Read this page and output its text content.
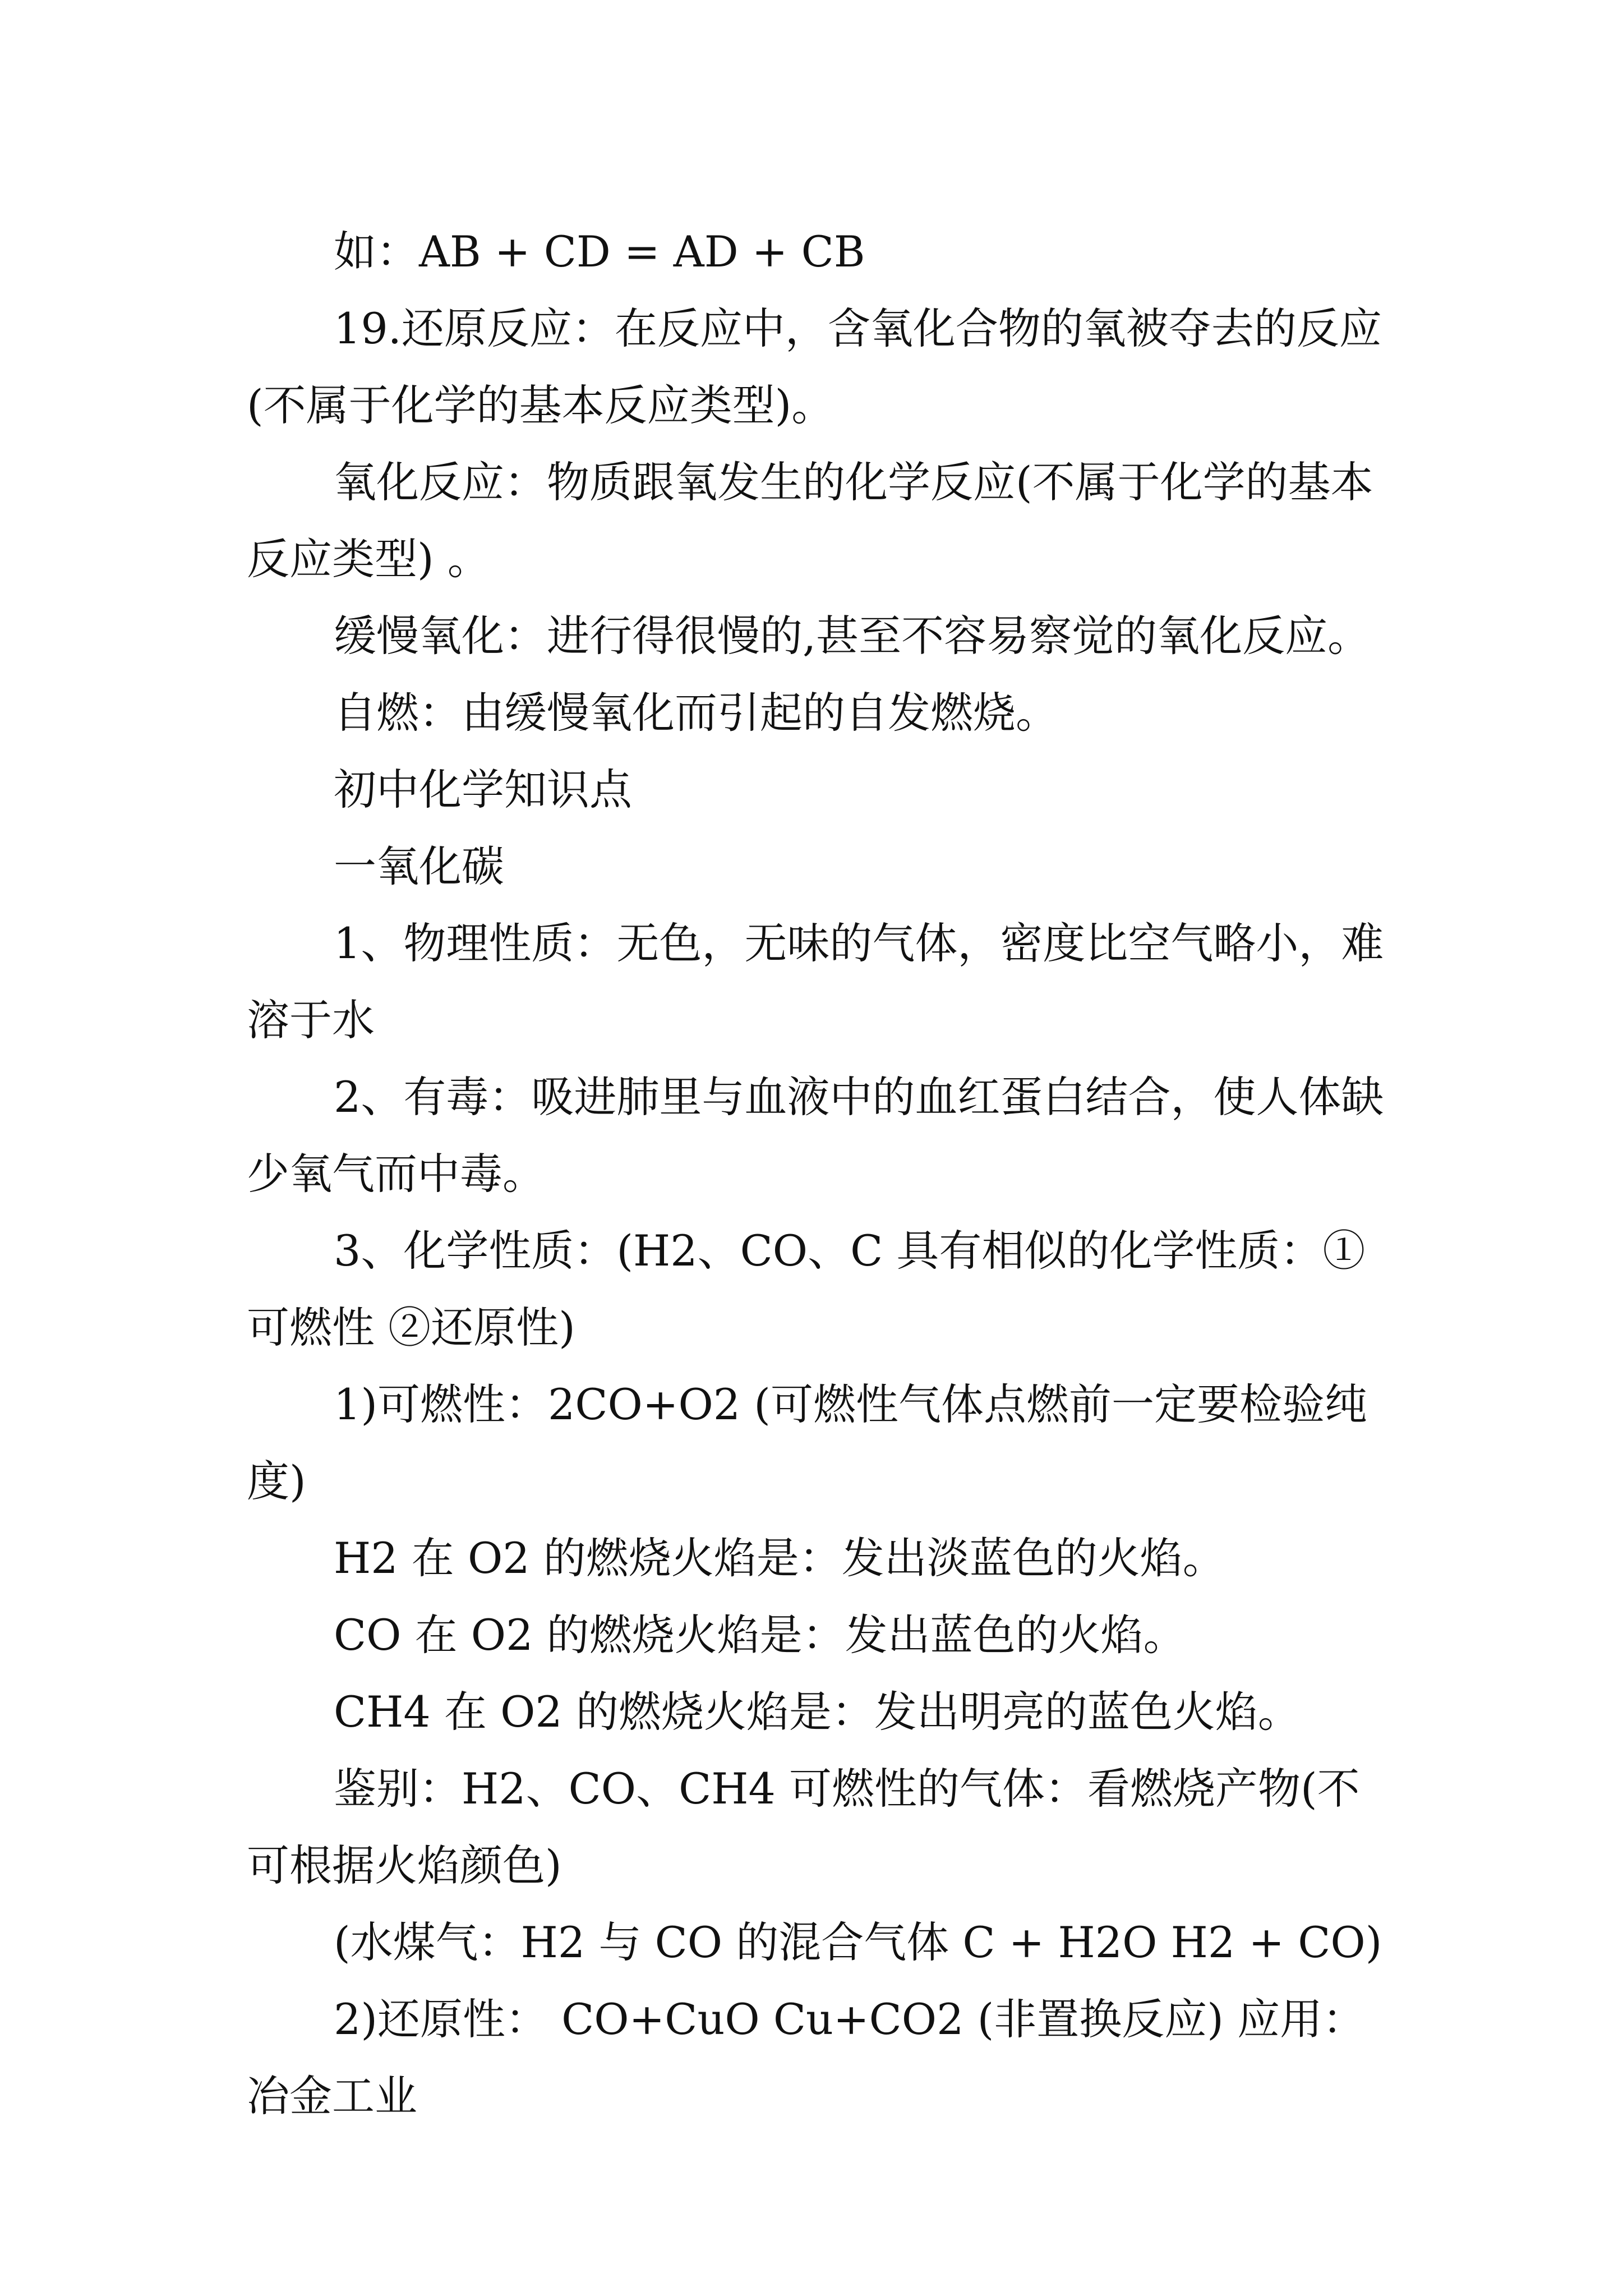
如：AB + CD = AD + CB

19.还原反应：在反应中，含氧化合物的氧被夺去的反应(不属于化学的基本反应类型)。

氧化反应：物质跟氧发生的化学反应(不属于化学的基本反应类型) 。

缓慢氧化：进行得很慢的,甚至不容易察觉的氧化反应。

自燃：由缓慢氧化而引起的自发燃烧。

初中化学知识点

一氧化碳

1、物理性质：无色，无味的气体，密度比空气略小，难溶于水

2、有毒：吸进肺里与血液中的血红蛋白结合，使人体缺少氧气而中毒。

3、化学性质：(H2、CO、C 具有相似的化学性质：①可燃性 ②还原性)

1)可燃性：2CO+O2 (可燃性气体点燃前一定要检验纯度)

H2 在 O2 的燃烧火焰是：发出淡蓝色的火焰。

CO 在 O2 的燃烧火焰是：发出蓝色的火焰。

CH4 在 O2 的燃烧火焰是：发出明亮的蓝色火焰。

鉴别：H2、CO、CH4 可燃性的气体：看燃烧产物(不可根据火焰颜色)

(水煤气：H2 与 CO 的混合气体 C + H2O H2 + CO)

2)还原性： CO+CuO Cu+CO2 (非置换反应) 应用：冶金工业
